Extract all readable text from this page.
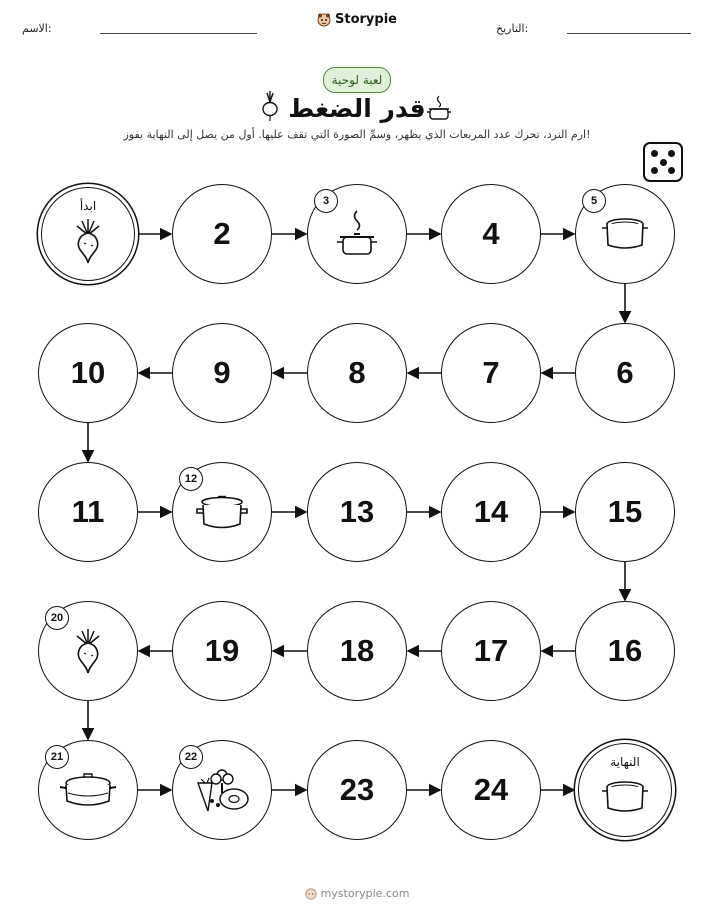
الاسم:
Storypie
التاريخ:
لعبة لوحية
قدر الضغط
ارم النرد، تحرك عدد المربعات الذي يظهر، وسمِّ الصورة التي تقف عليها. أول من يصل إلى النهاية يفوز!
ابدأ
2
3
4
5
6
7
8
9
10
11
12
13	14	15
16
17
18
19
20
21	22
23	24
النهاية
mystorypie.com
